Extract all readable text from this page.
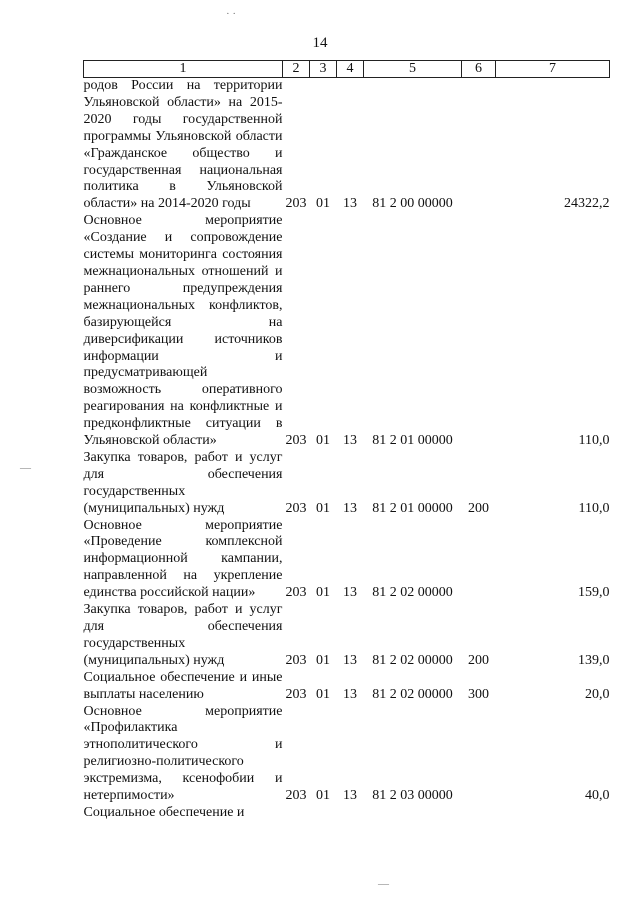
14
1	2	3	4	5	6	7
родов России на территории Ульяновской области» на 2015-2020 годы государственной программы Ульяновской области «Гражданское общество и государственная национальная политика в Ульяновской области» на 2014-2020 годы	203	01	13	81 2 00 00000		24322,2
Основное мероприятие «Создание и сопровождение системы мониторинга состояния межнациональных отношений и раннего предупреждения межнациональных конфликтов, базирующейся на диверсификации источников информации и предусматривающей возможность оперативного реагирования на конфликтные и предконфликтные ситуации в Ульяновской области»	203	01	13	81 2 01 00000		110,0
Закупка товаров, работ и услуг для обеспечения государственных (муниципальных) нужд	203	01	13	81 2 01 00000	200	110,0
Основное мероприятие «Проведение комплексной информационной кампании, направленной на укрепление единства российской нации»	203	01	13	81 2 02 00000		159,0
Закупка товаров, работ и услуг для обеспечения государственных (муниципальных) нужд	203	01	13	81 2 02 00000	200	139,0
Социальное обеспечение и иные выплаты населению	203	01	13	81 2 02 00000	300	20,0
Основное мероприятие «Профилактика этнополитического и религиозно-политического экстремизма, ксенофобии и нетерпимости»	203	01	13	81 2 03 00000		40,0

Социальное обеспечение и						

· ·
—
—
